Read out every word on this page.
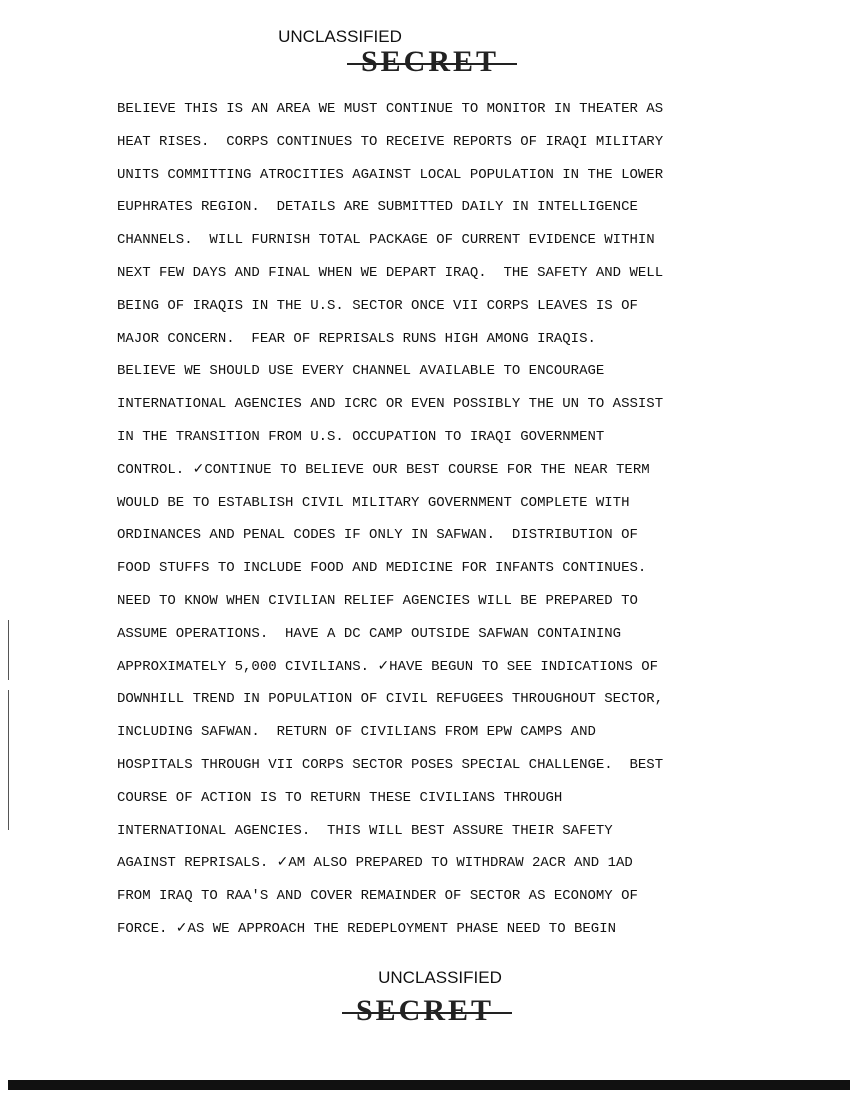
UNCLASSIFIED
SECRET
BELIEVE THIS IS AN AREA WE MUST CONTINUE TO MONITOR IN THEATER AS
HEAT RISES.  CORPS CONTINUES TO RECEIVE REPORTS OF IRAQI MILITARY
UNITS COMMITTING ATROCITIES AGAINST LOCAL POPULATION IN THE LOWER
EUPHRATES REGION.  DETAILS ARE SUBMITTED DAILY IN INTELLIGENCE
CHANNELS.  WILL FURNISH TOTAL PACKAGE OF CURRENT EVIDENCE WITHIN
NEXT FEW DAYS AND FINAL WHEN WE DEPART IRAQ.  THE SAFETY AND WELL
BEING OF IRAQIS IN THE U.S. SECTOR ONCE VII CORPS LEAVES IS OF
MAJOR CONCERN.  FEAR OF REPRISALS RUNS HIGH AMONG IRAQIS.
BELIEVE WE SHOULD USE EVERY CHANNEL AVAILABLE TO ENCOURAGE
INTERNATIONAL AGENCIES AND ICRC OR EVEN POSSIBLY THE UN TO ASSIST
IN THE TRANSITION FROM U.S. OCCUPATION TO IRAQI GOVERNMENT
CONTROL. ✓CONTINUE TO BELIEVE OUR BEST COURSE FOR THE NEAR TERM
WOULD BE TO ESTABLISH CIVIL MILITARY GOVERNMENT COMPLETE WITH
ORDINANCES AND PENAL CODES IF ONLY IN SAFWAN.  DISTRIBUTION OF
FOOD STUFFS TO INCLUDE FOOD AND MEDICINE FOR INFANTS CONTINUES.
NEED TO KNOW WHEN CIVILIAN RELIEF AGENCIES WILL BE PREPARED TO
ASSUME OPERATIONS.  HAVE A DC CAMP OUTSIDE SAFWAN CONTAINING
APPROXIMATELY 5,000 CIVILIANS. ✓HAVE BEGUN TO SEE INDICATIONS OF
DOWNHILL TREND IN POPULATION OF CIVIL REFUGEES THROUGHOUT SECTOR,
INCLUDING SAFWAN.  RETURN OF CIVILIANS FROM EPW CAMPS AND
HOSPITALS THROUGH VII CORPS SECTOR POSES SPECIAL CHALLENGE.  BEST
COURSE OF ACTION IS TO RETURN THESE CIVILIANS THROUGH
INTERNATIONAL AGENCIES.  THIS WILL BEST ASSURE THEIR SAFETY
AGAINST REPRISALS. ✓AM ALSO PREPARED TO WITHDRAW 2ACR AND 1AD
FROM IRAQ TO RAA'S AND COVER REMAINDER OF SECTOR AS ECONOMY OF
FORCE. ✓AS WE APPROACH THE REDEPLOYMENT PHASE NEED TO BEGIN
UNCLASSIFIED
SECRET
